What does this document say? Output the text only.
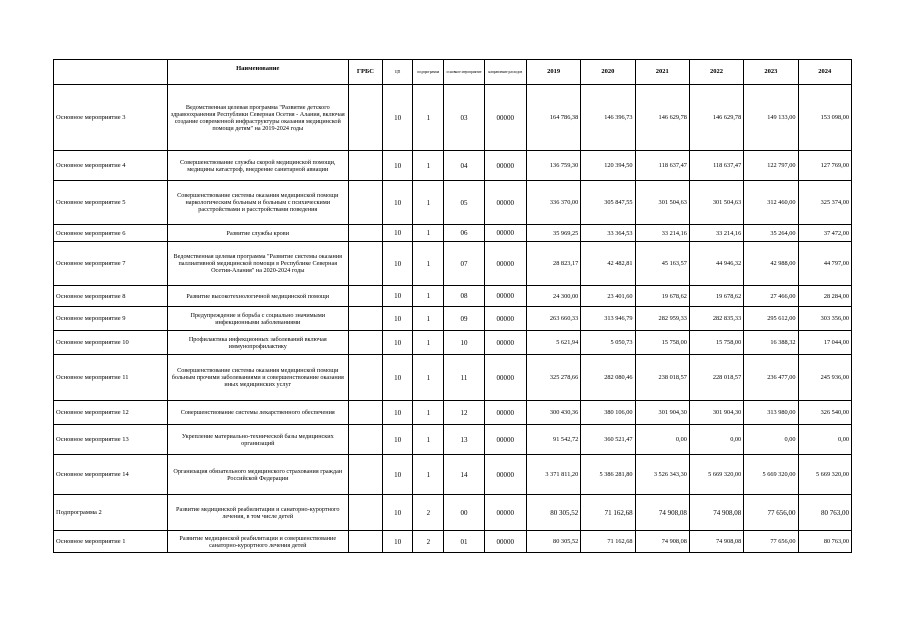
	Наименование	ГРБС	ЦП	подпрограмма	основное мероприятие	направление расходов	2019	2020	2021	2022	2023	2024
Основное мероприятие 3	Ведомственная целевая программа "Развитие детского здравоохранения Республики Северная Осетия - Алания, включая создание современной инфраструктуры оказания медицинской помощи детям" на 2019-2024 годы		10	1	03	00000	164 786,38	146 396,73	146 629,78	146 629,78	149 133,00	153 098,00
Основное мероприятие 4	Совершенствование службы скорой медицинской помощи, медицины катастроф, внедрение санитарной авиации		10	1	04	00000	136 759,30	120 394,50	118 637,47	118 637,47	122 797,00	127 769,00
Основное мероприятие 5	Совершенствование системы оказания медицинской помощи наркологическим больным и больным с психическими расстройствами и расстройствами поведения		10	1	05	00000	336 370,00	305 847,55	301 504,63	301 504,63	312 460,00	325 374,00
Основное мероприятие 6	Развитие службы крови		10	1	06	00000	35 969,25	33 364,53	33 214,16	33 214,16	35 264,00	37 472,00
Основное мероприятие 7	Ведомственная целевая программа "Развитие системы оказания паллиативной медицинской помощи в Республике Северная Осетия-Алания" на 2020-2024 годы		10	1	07	00000	28 823,17	42 482,81	45 163,57	44 946,32	42 988,00	44 797,00
Основное мероприятие 8	Развитие высокотехнологичной медицинской помощи		10	1	08	00000	24 300,00	23 401,60	19 678,62	19 678,62	27 466,00	28 284,00
Основное мероприятие 9	Предупреждение и борьба с социально значимыми инфекционными заболеваниями		10	1	09	00000	263 660,33	313 946,79	282 959,33	282 835,33	295 612,00	303 356,00
Основное мероприятие 10	Профилактика инфекционных заболеваний включая иммунопрофилактику		10	1	10	00000	5 621,94	5 050,73	15 758,00	15 758,00	16 388,32	17 044,00
Основное мероприятие 11	Совершенствование системы оказания медицинской помощи больным прочими заболеваниями и совершенствование оказания иных медицинских услуг		10	1	11	00000	325 278,66	282 080,46	238 018,57	228 018,57	236 477,00	245 936,00
Основное мероприятие 12	Совершенствование системы лекарственного обеспечения		10	1	12	00000	300 430,36	380 106,00	301 904,30	301 904,30	313 980,00	326 540,00
Основное мероприятие 13	Укрепление материально-технической базы медицинских организаций		10	1	13	00000	91 542,72	360 521,47	0,00	0,00	0,00	0,00
Основное мероприятие 14	Организация обязательного медицинского страхования граждан Российской Федерации		10	1	14	00000	3 371 811,20	5 386 281,80	3 526 343,30	5 669 320,00	5 669 320,00	5 669 320,00
Подпрограмма 2	Развитие медицинской реабилитации и санаторно-курортного лечения, в том числе детей		10	2	00	00000	80 305,52	71 162,68	74 908,08	74 908,08	77 656,00	80 763,00
Основное мероприятие 1	Развитие медицинской реабилитации и совершенствование санаторно-курортного лечения детей		10	2	01	00000	80 305,52	71 162,68	74 908,08	74 908,08	77 656,00	80 763,00
